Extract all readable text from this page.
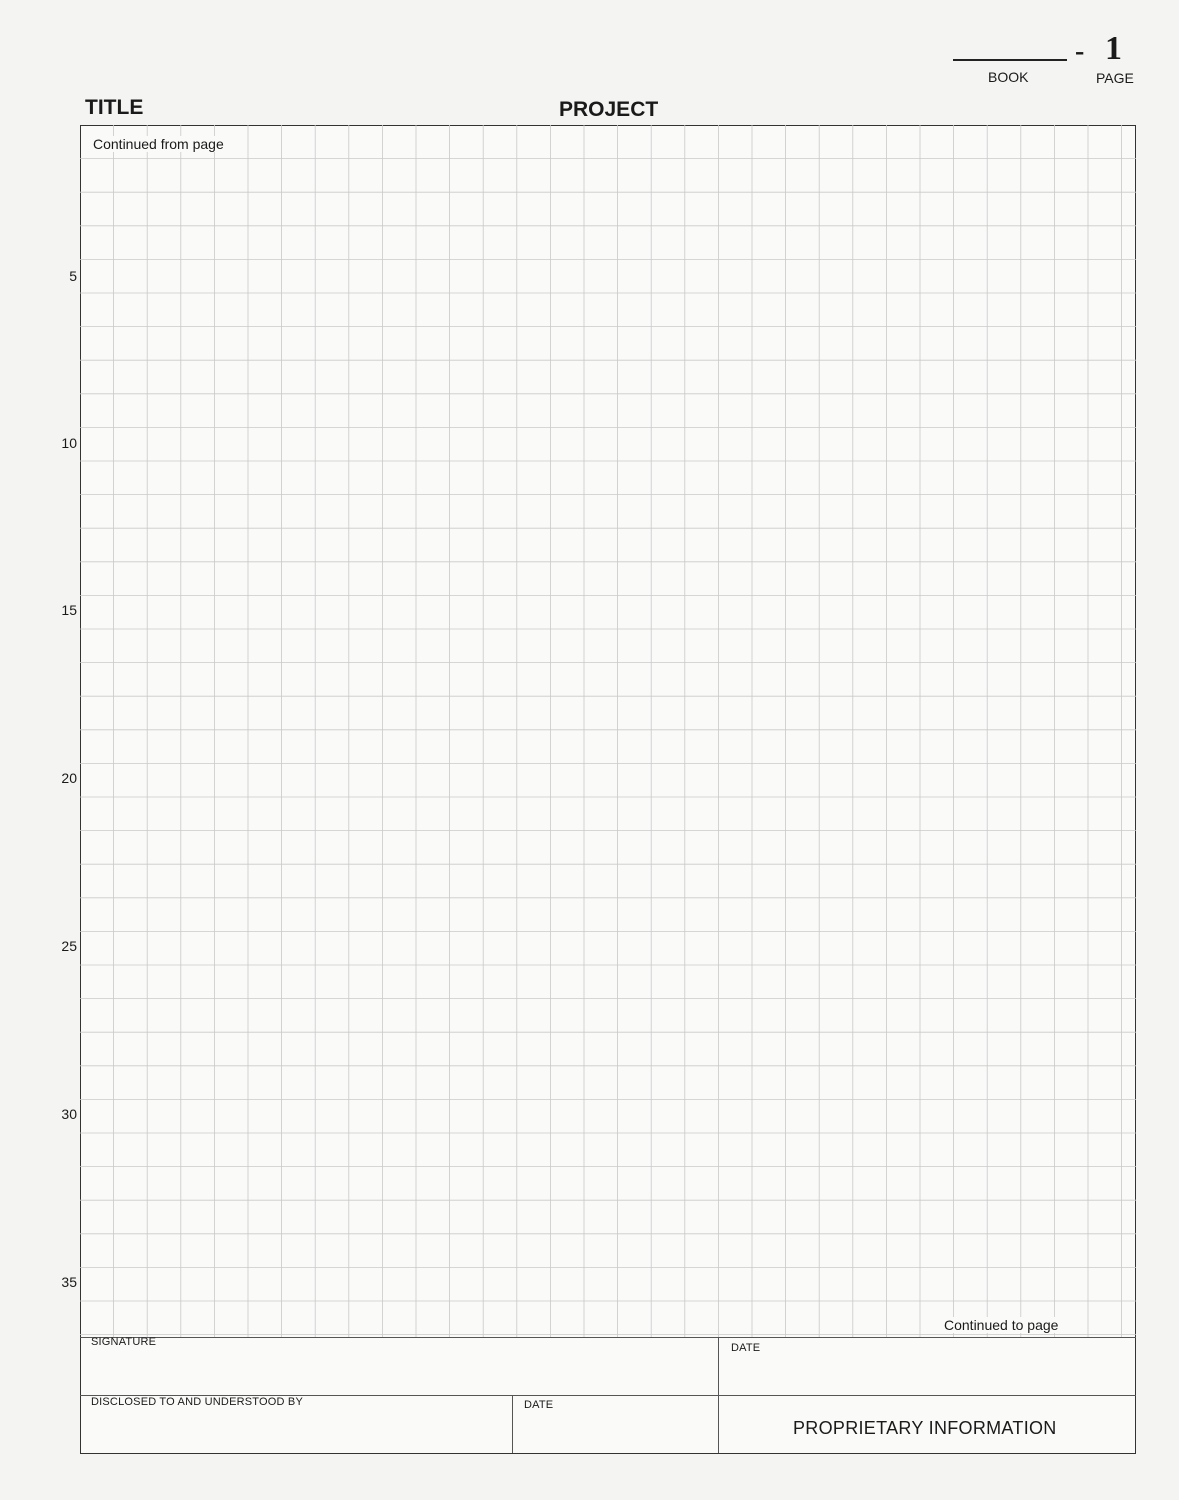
- 1
BOOK	PAGE
TITLE	PROJECT
Continued from page
Continued to page
5
10
15
20
25
30
35
SIGNATURE	DATE
DISCLOSED TO AND UNDERSTOOD BY	DATE
PROPRIETARY INFORMATION
